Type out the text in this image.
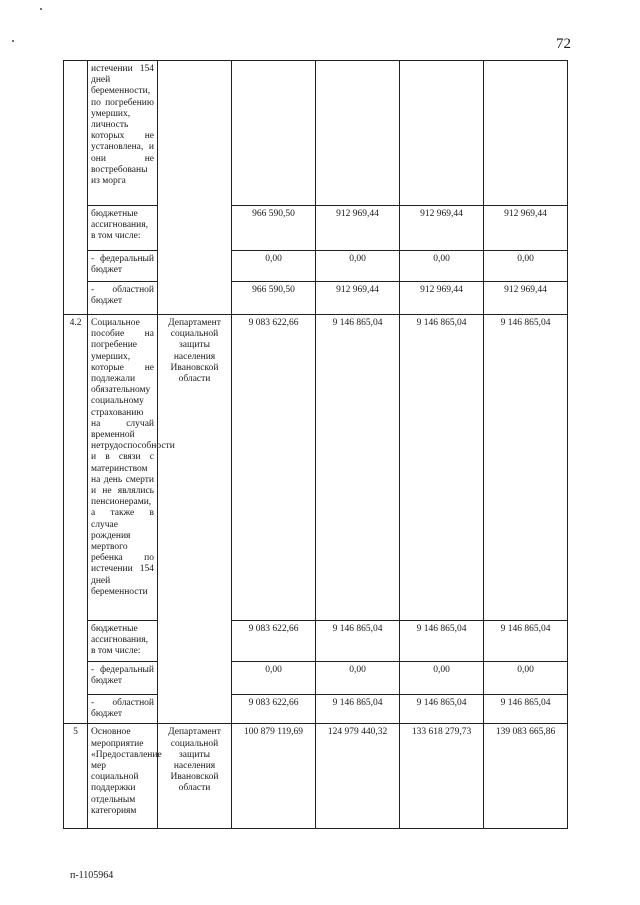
72
	истечении 154 дней беременности, по погребению умерших, личность которых не установлена, и они не востребованы из морга					
	бюджетные ассигнования, в том числе:		966 590,50	912 969,44	912 969,44	912 969,44
	- федеральный бюджет		0,00	0,00	0,00	0,00
	- областной бюджет		966 590,50	912 969,44	912 969,44	912 969,44
4.2	Социальное пособие на погребение умерших, которые не подлежали обязательному социальному страхованию на случай временной нетрудоспособности и в связи с материнством на день смерти и не являлись пенсионерами, а также в случае рождения мертвого ребенка по истечении 154 дней беременности	Департамент социальной защиты населения Ивановской области	9 083 622,66	9 146 865,04	9 146 865,04	9 146 865,04
	бюджетные ассигнования, в том числе:		9 083 622,66	9 146 865,04	9 146 865,04	9 146 865,04
	- федеральный бюджет		0,00	0,00	0,00	0,00
	- областной бюджет		9 083 622,66	9 146 865,04	9 146 865,04	9 146 865,04
5	Основное мероприятие «Предоставление мер социальной поддержки отдельным категориям	Департамент социальной защиты населения Ивановской области	100 879 119,69	124 979 440,32	133 618 279,73	139 083 665,86
п-1105964
